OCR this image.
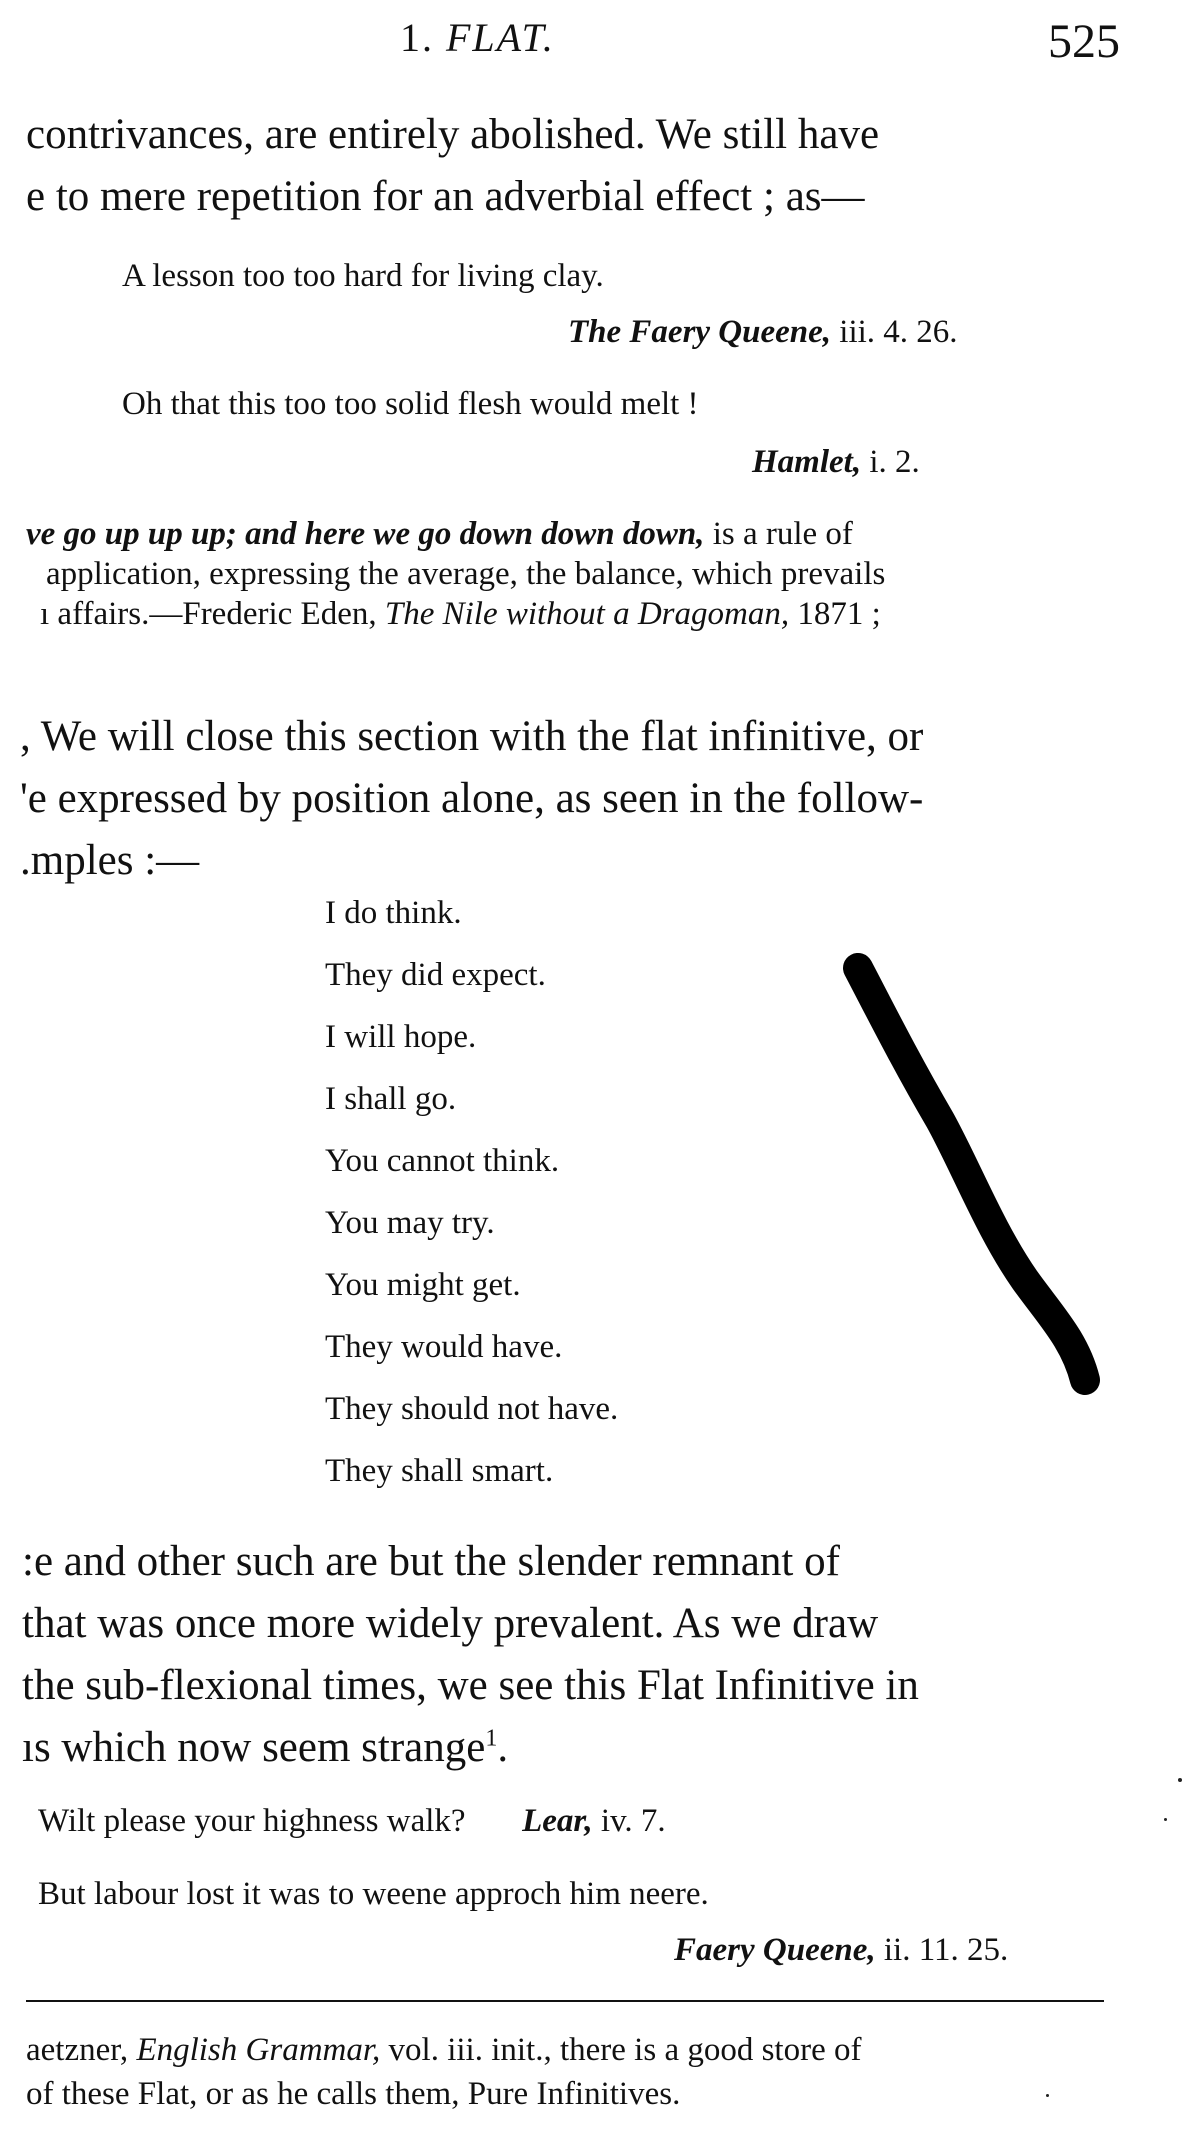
1. FLAT.	525
contrivances, are entirely abolished. We still have
e to mere repetition for an adverbial effect ; as—
A lesson too too hard for living clay.
The Faery Queene, iii. 4. 26.
Oh that this too too solid flesh would melt !
Hamlet, i. 2.
ve go up up up; and here we go down down down, is a rule of
application, expressing the average, the balance, which prevails
ı affairs.—Frederic Eden, The Nile without a Dragoman, 1871 ;
, We will close this section with the flat infinitive, or
'e expressed by position alone, as seen in the follow-
.mples :—
I do think.
They did expect.
I will hope.
I shall go.
You cannot think.
You may try.
You might get.
They would have.
They should not have.
They shall smart.
:e and other such are but the slender remnant of
that was once more widely prevalent. As we draw
the sub-flexional times, we see this Flat Infinitive in
ıs which now seem strange$^1$.
Wilt please your highness walk? Lear, iv. 7.
But labour lost it was to weene approch him neere.
Faery Queene, ii. 11. 25.
aetzner, English Grammar, vol. iii. init., there is a good store of
of these Flat, or as he calls them, Pure Infinitives.
